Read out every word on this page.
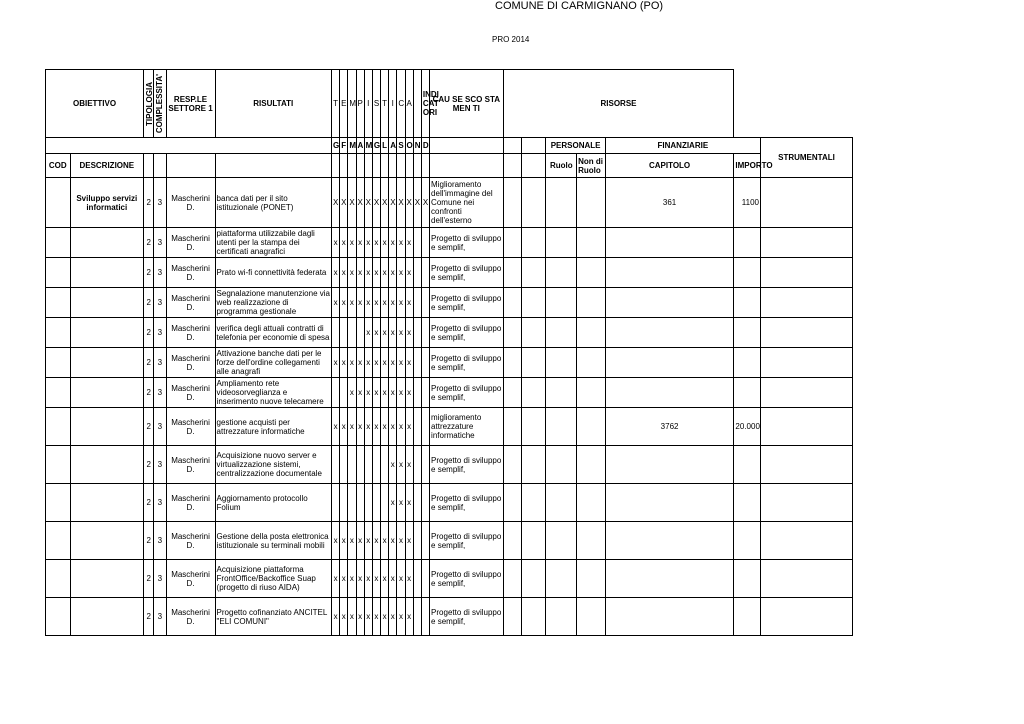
COMUNE DI CARMIGNANO (PO)
PRO 2014
OBIETTIVO		TIPOLOGIA	COMPLESSITA'	RESP.LE SETTORE 1	RISULTATI	T	E	M	P	I	S	T	I	C	A		INDI CAT ORI	CAU SE SCO STA MEN TI	RISORSE						
						G	F	M	A	M	G	L	A	S	O	N	D				PERSONALE		FINANZIARIE		STRUMENTALI
COD	DESCRIZIONE																				Ruolo	Non di Ruolo	CAPITOLO	IMPORTO	
	Sviluppo servizi informatici	2	3	Mascherini D.	banca dati per il sito istituzionale (PONET)	X	X	X	X	X	X	X	X	X	X	X	X	Miglioramento dell'immagine del Comune nei confronti dell'esterno					361	1100	
		2	3	Mascherini D.	piattaforma utilizzabile dagli utenti per la stampa dei certificati anagrafici	x	x	x	x	x	x	x	x	x	x			Progetto di sviluppo e semplif,							
		2	3	Mascherini D.	Prato wi-fi connettività federata	x	x	x	x	x	x	x	x	x	x			Progetto di sviluppo e semplif,							
		2	3	Mascherini D.	Segnalazione manutenzione via web realizzazione di programma gestionale	x	x	x	x	x	x	x	x	x	x			Progetto di sviluppo e semplif,							
		2	3	Mascherini D.	verifica degli attuali contratti di telefonia per economie di spesa					x	x	x	x	x	x			Progetto di sviluppo e semplif,							
		2	3	Mascherini D.	Attivazione banche dati per le forze dell'ordine collegamenti alle anagrafi	x	x	x	x	x	x	x	x	x	x			Progetto di sviluppo e semplif,							
		2	3	Mascherini D.	Ampliamento rete videosorveglianza e inserimento nuove telecamere			x	x	x	x	x	x	x	x			Progetto di sviluppo e semplif,							
		2	3	Mascherini D.	gestione acquisti per attrezzature informatiche	x	x	x	x	x	x	x	x	x	x			miglioramento attrezzature informatiche					3762	20.000	
		2	3	Mascherini D.	Acquisizione nuovo server e virtualizzazione sistemi, centralizzazione documentale								x	x	x			Progetto di sviluppo e semplif,							
		2	3	Mascherini D.	Aggiornamento protocollo Folium								x	x	x			Progetto di sviluppo e semplif,							
		2	3	Mascherini D.	Gestione della posta elettronica istituzionale su terminali mobili	x	x	x	x	x	x	x	x	x	x			Progetto di sviluppo e semplif,							
		2	3	Mascherini D.	Acquisizione piattaforma FrontOffice/Backoffice Suap (progetto di riuso AIDA)	x	x	x	x	x	x	x	x	x	x			Progetto di sviluppo e semplif,							
		2	3	Mascherini D.	Progetto cofinanziato ANCITEL "ELI COMUNI"	x	x	x	x	x	x	x	x	x	x			Progetto di sviluppo e semplif,							
